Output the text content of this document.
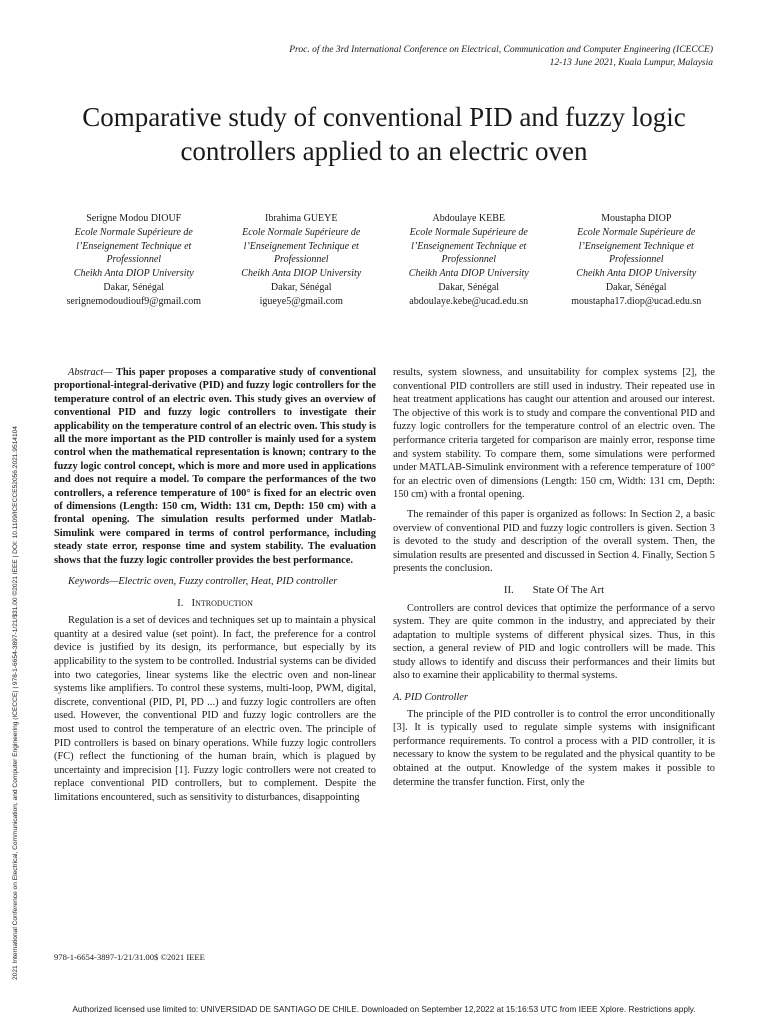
Proc. of the 3rd International Conference on Electrical, Communication and Computer Engineering (ICECCE)
12-13 June 2021, Kuala Lumpur, Malaysia
2021 International Conference on Electrical, Communication, and Computer Engineering (ICECCE) | 978-1-6654-3897-1/21/$31.00 ©2021 IEEE | DOI: 10.1109/ICECCE52056.2021.9514104
Comparative study of conventional PID and fuzzy logic controllers applied to an electric oven
Serigne Modou DIOUF
Ecole Normale Supérieure de
l’Enseignement Technique et
Professionnel
Cheikh Anta DIOP University
Dakar, Sénégal
serignemodoudiouf9@gmail.com
Ibrahima GUEYE
Ecole Normale Supérieure de
l’Enseignement Technique et
Professionnel
Cheikh Anta DIOP University
Dakar, Sénégal
igueye5@gmail.com
Abdoulaye KEBE
Ecole Normale Supérieure de
l’Enseignement Technique et
Professionnel
Cheikh Anta DIOP University
Dakar, Sénégal
abdoulaye.kebe@ucad.edu.sn
Moustapha DIOP
Ecole Normale Supérieure de
l’Enseignement Technique et
Professionnel
Cheikh Anta DIOP University
Dakar, Sénégal
moustapha17.diop@ucad.edu.sn

Abstract— This paper proposes a comparative study of conventional proportional-integral-derivative (PID) and fuzzy logic controllers for the temperature control of an electric oven. This study gives an overview of conventional PID and fuzzy logic controllers to investigate their applicability on the temperature control of an electric oven. This study is all the more important as the PID controller is mainly used for a system control when the mathematical representation is known; contrary to the fuzzy logic control concept, which is more and more used in applications and does not require a model. To compare the performances of the two controllers, a reference temperature of 100° is fixed for an electric oven of dimensions (Length: 150 cm, Width: 131 cm, Depth: 150 cm) with a frontal opening. The simulation results performed under Matlab-Simulink were compared in terms of control performance, including steady state error, response time and system stability. The evaluation shows that the fuzzy logic controller provides the best performance.

Keywords—Electric oven, Fuzzy controller, Heat, PID controller

I. Introduction

Regulation is a set of devices and techniques set up to maintain a physical quantity at a desired value (set point). In fact, the preference for a control device is justified by its design, its performance, but especially by its applicability to the system to be controlled. Industrial systems can be divided into two categories, linear systems like the electric oven and non-linear systems like amplifiers. To control these systems, multi-loop, PWM, digital, discrete, conventional (PID, PI, PD ...) and fuzzy logic controllers are often used. However, the conventional PID and fuzzy logic controllers are the most used to control the temperature of an electric oven. The principle of PID controllers is based on binary operations. While fuzzy logic controllers (FC) reflect the functioning of the human brain, which is plagued by uncertainty and imprecision [1]. Fuzzy logic controllers were not created to replace conventional PID controllers, but to complement. Despite the limitations encountered, such as sensitivity to disturbances, disappointing

results, system slowness, and unsuitability for complex systems [2], the conventional PID controllers are still used in industry. Their repeated use in heat treatment applications has caught our attention and aroused our interest. The objective of this work is to study and compare the conventional PID and fuzzy logic controllers for the temperature control of an electric oven. The performance criteria targeted for comparison are mainly error, response time and system stability. To compare them, some simulations were performed under MATLAB-Simulink environment with a reference temperature of 100° for an electric oven of dimensions (Length: 150 cm, Width: 131 cm, Depth: 150 cm) with a frontal opening.

The remainder of this paper is organized as follows: In Section 2, a basic overview of conventional PID and fuzzy logic controllers is given. Section 3 is devoted to the study and description of the overall system. Then, the simulation results are presented and discussed in Section 4. Finally, Section 5 presents the conclusion.

II. State Of The Art

Controllers are control devices that optimize the performance of a servo system. They are quite common in the industry, and appreciated by their adaptation to multiple systems of different physical sizes. Thus, in this section, a general review of PID and logic controllers will be made. This study allows to identify and discuss their performances and their limits but also to examine their applicability to thermal systems.

A. PID Controller

The principle of the PID controller is to control the error unconditionally [3]. It is typically used to regulate simple systems with insignificant performance requirements. To control a process with a PID controller, it is necessary to know the system to be regulated and the physical quantity to be obtained at the output. Knowledge of the system makes it possible to determine the transfer function. First, only the

978-1-6654-3897-1/21/31.00$ ©2021 IEEE
Authorized licensed use limited to: UNIVERSIDAD DE SANTIAGO DE CHILE. Downloaded on September 12,2022 at 15:16:53 UTC from IEEE Xplore. Restrictions apply.
